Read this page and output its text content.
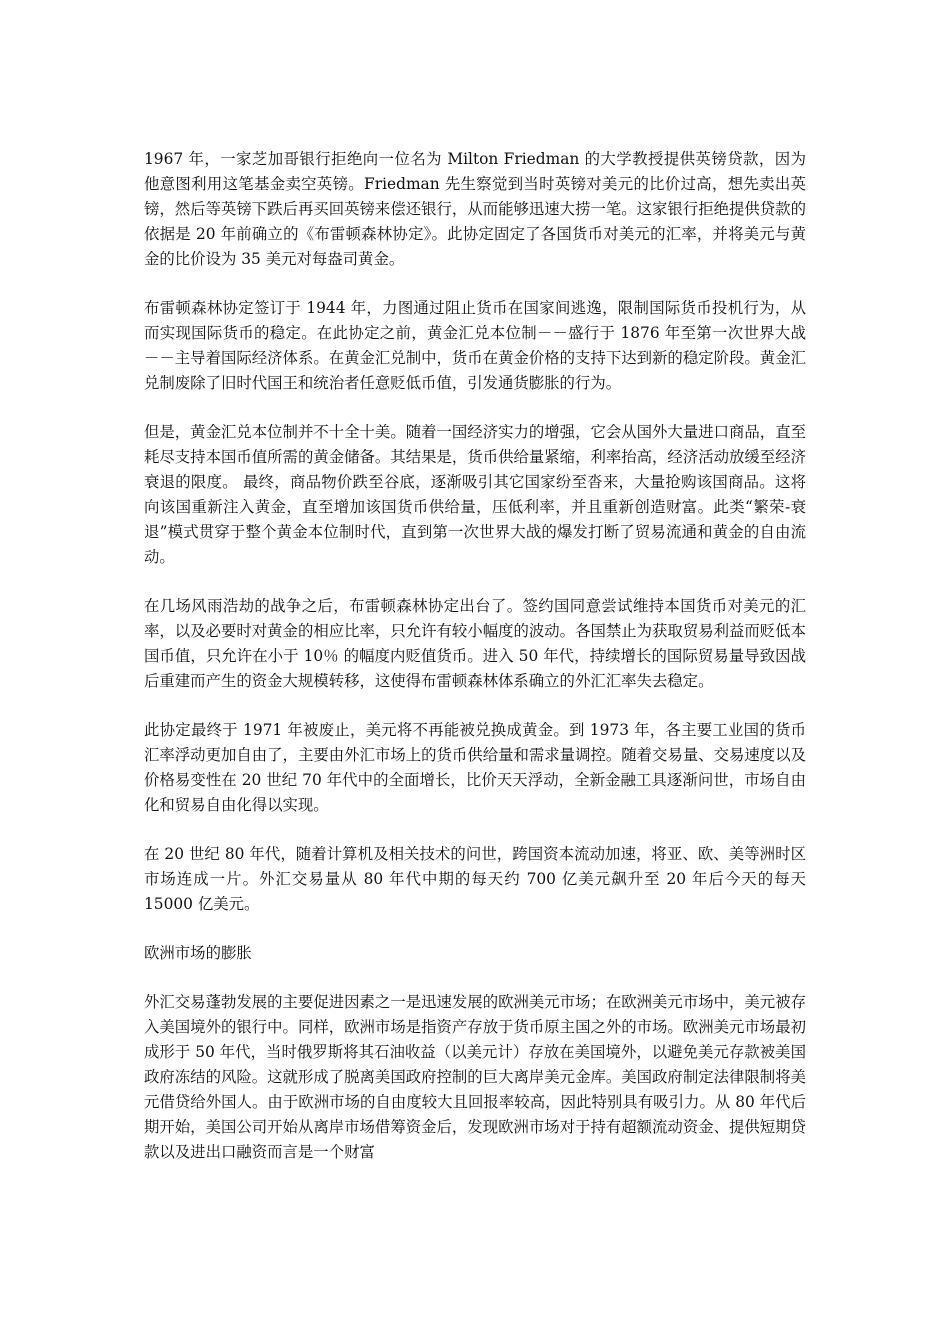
1967 年，一家芝加哥银行拒绝向一位名为 Milton Friedman 的大学教授提供英镑贷款，因为他意图利用这笔基金卖空英镑。Friedman 先生察觉到当时英镑对美元的比价过高，想先卖出英镑，然后等英镑下跌后再买回英镑来偿还银行，从而能够迅速大捞一笔。这家银行拒绝提供贷款的依据是 20 年前确立的《布雷顿森林协定》。此协定固定了各国货币对美元的汇率，并将美元与黄金的比价设为 35 美元对每盎司黄金。

布雷顿森林协定签订于 1944 年，力图通过阻止货币在国家间逃逸，限制国际货币投机行为，从而实现国际货币的稳定。在此协定之前，黄金汇兑本位制－－盛行于 1876 年至第一次世界大战－－主导着国际经济体系。在黄金汇兑制中，货币在黄金价格的支持下达到新的稳定阶段。黄金汇兑制废除了旧时代国王和统治者任意贬低币值，引发通货膨胀的行为。

但是，黄金汇兑本位制并不十全十美。随着一国经济实力的增强，它会从国外大量进口商品，直至耗尽支持本国币值所需的黄金储备。其结果是，货币供给量紧缩，利率抬高，经济活动放缓至经济衰退的限度。 最终，商品物价跌至谷底，逐渐吸引其它国家纷至沓来，大量抢购该国商品。这将向该国重新注入黄金，直至增加该国货币供给量，压低利率，并且重新创造财富。此类“繁荣-衰退”模式贯穿于整个黄金本位制时代，直到第一次世界大战的爆发打断了贸易流通和黄金的自由流动。

在几场风雨浩劫的战争之后，布雷顿森林协定出台了。签约国同意尝试维持本国货币对美元的汇率，以及必要时对黄金的相应比率，只允许有较小幅度的波动。各国禁止为获取贸易利益而贬低本国币值，只允许在小于 10％ 的幅度内贬值货币。进入 50 年代，持续增长的国际贸易量导致因战后重建而产生的资金大规模转移，这使得布雷顿森林体系确立的外汇汇率失去稳定。

此协定最终于 1971 年被废止，美元将不再能被兑换成黄金。到 1973 年，各主要工业国的货币汇率浮动更加自由了，主要由外汇市场上的货币供给量和需求量调控。随着交易量、交易速度以及价格易变性在 20 世纪 70 年代中的全面增长，比价天天浮动，全新金融工具逐渐问世，市场自由化和贸易自由化得以实现。

在 20 世纪 80 年代，随着计算机及相关技术的问世，跨国资本流动加速，将亚、欧、美等洲时区市场连成一片。外汇交易量从 80 年代中期的每天约 700 亿美元飙升至 20 年后今天的每天 15000 亿美元。

欧洲市场的膨胀

外汇交易蓬勃发展的主要促进因素之一是迅速发展的欧洲美元市场；在欧洲美元市场中，美元被存入美国境外的银行中。同样，欧洲市场是指资产存放于货币原主国之外的市场。欧洲美元市场最初成形于 50 年代，当时俄罗斯将其石油收益（以美元计）存放在美国境外，以避免美元存款被美国政府冻结的风险。这就形成了脱离美国政府控制的巨大离岸美元金库。美国政府制定法律限制将美元借贷给外国人。由于欧洲市场的自由度较大且回报率较高，因此特别具有吸引力。从 80 年代后期开始，美国公司开始从离岸市场借筹资金后，发现欧洲市场对于持有超额流动资金、提供短期贷款以及进出口融资而言是一个财富
